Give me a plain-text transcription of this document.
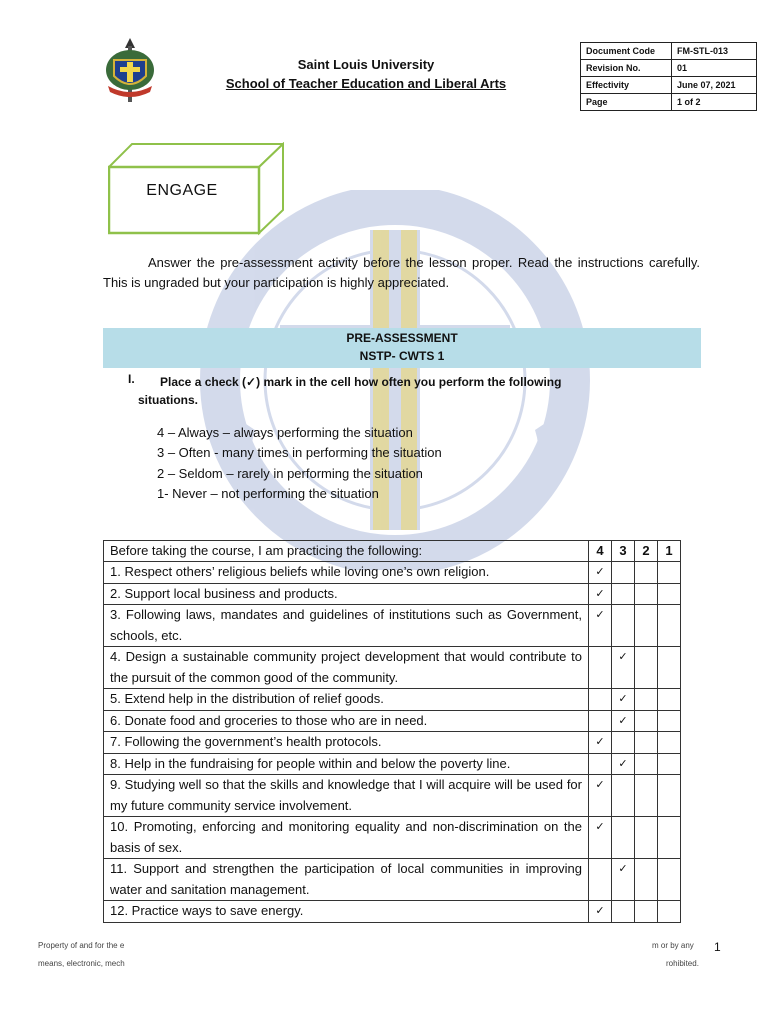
Saint Louis University
School of Teacher Education and Liberal Arts
Document Code	FM-STL-013
Revision No.	01
Effectivity	June 07, 2021
Page	1 of 2
ENGAGE
Answer the pre-assessment activity before the lesson proper. Read the instructions carefully. This is ungraded but your participation is highly appreciated.
PRE-ASSESSMENT
NSTP- CWTS 1
I. Place a check (✓) mark in the cell how often you perform the following
situations.
4 – Always – always performing the situation
3 – Often - many times in performing the situation
2 – Seldom – rarely in performing the situation
1- Never – not performing the situation
Before taking the course, I am practicing the following:	4	3	2	1
1. Respect others’ religious beliefs while loving one’s own religion.	✓			
2. Support local business and products.	✓			
3. Following laws, mandates and guidelines of institutions such as Government, schools, etc.	✓			
4. Design a sustainable community project development that would contribute to the pursuit of the common good of the community.		✓		
5. Extend help in the distribution of relief goods.		✓		
6. Donate food and groceries to those who are in need.		✓		
7. Following the government’s health protocols.	✓			
8. Help in the fundraising for people within and below the poverty line.		✓		
9. Studying well so that the skills and knowledge that I will acquire will be used for my future community service involvement.	✓			
10. Promoting, enforcing and monitoring equality and non-discrimination on the basis of sex.	✓			
11. Support and strengthen the participation of local communities in improving water and sanitation management.		✓		
12. Practice ways to save energy.	✓			
Property of and for the e	m or by any
means, electronic, mech	rohibited.
1
